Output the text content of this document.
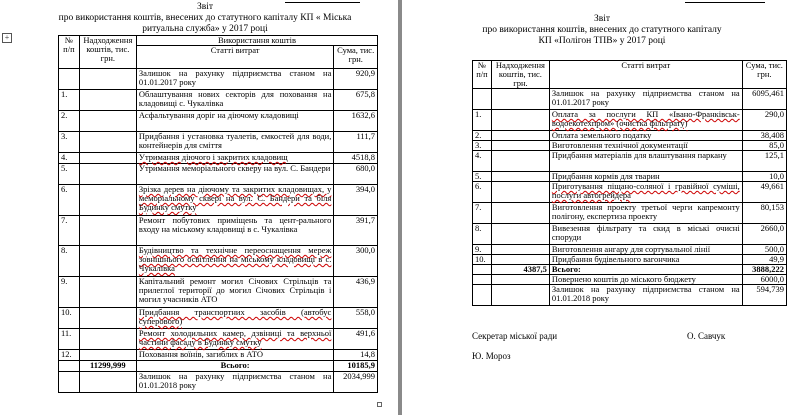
+
Звіт
про використання коштів, внесених до статутного капіталу КП « Міська
ритуальна служба» у 2017 році
№ п/п	Надходження коштів, тис. грн.	Використання коштів	
		Статті витрат	Сума, тис. грн.
		Залишок на рахунку підприємства станом на 01.01.2017 року	920,9
1.		Облаштування нових секторів для поховання на кладовищі с. Чукалівка	675,8
2.		Асфальтування доріг на діючому кладовищі	1632,6
3.		Придбання і установка туалетів, ємкостей для води, контейнерів для сміття	111,7
4.		Утримання діючого і закритих кладовищ	4518,8
5.		Утримання меморіального скверу на вул. С. Бандери	680,0
6.		Зрізка дерев на діючому та закритих кладовищах, у меморіальному сквері на вул. С. Бандери та біля Будинку смутку	394,0
7.		Ремонт побутових приміщень та цент-рального входу на міському кладовищі в с. Чукалівка	391,7
8.		Будівництво та технічне переоснащення мереж зовнішнього освітлення на міському кладовищі в с. Чукалівка	300,0
9.		Капітальний ремонт могил Січових Стрільців та прилеглої території до могил Січових Стрільців і могил учасників АТО	436,9
10.		Придбання транспортних засобів (автобус суперового)	558,0
11.		Ремонт холодильних камер, дзвіниці та верхньої частини фасаду в Будинку смутку	491,6
12.		Поховання воїнів, загиблих в АТО	14,8
	11299,999	Всього:	10185,9
		Залишок на рахунку підприємства станом на 01.01.2018 року	2034,999
Звіт
про використання коштів, внесених до статутного капіталу
КП «Полігон ТПВ» у 2017 році
№ п/п	Надходження коштів, тис. грн.	Статті витрат	Сума, тис. грн.
		Залишок на рахунку підприємства станом на 01.01.2017 року	6095,461
1.		Оплата за послуги КП «Івано-Франківськ-водоекотехпром» (очистка фільтрату)	290,0
2.		Оплата земельного податку	38,408
3.		Виготовлення технічної документації	85,0
4.		Придбання матеріалів для влаштування паркану	125,1
5.		Придбання кормів для тварин	10,0
6.		Приготування піщано-соляної і гравійної суміші, послуги автогрейдера	49,661
7.		Виготовлення проекту третьої черги капремонту полігону, експертиза проекту	80,153
8.		Вивезення фільтрату та скид в міські очисні споруди	2660,0
9.		Виготовлення ангару для сортувальної лінії	500,0
10.		Придбання будівельного вагончика	49,9
	4387,5	Всього:	3888,222
		Повернено коштів до міського бюджету	6000,0
		Залишок на рахунку підприємства станом на 01.01.2018 року	594,739
Секретар міської ради	О. Савчук
Ю. Мороз
